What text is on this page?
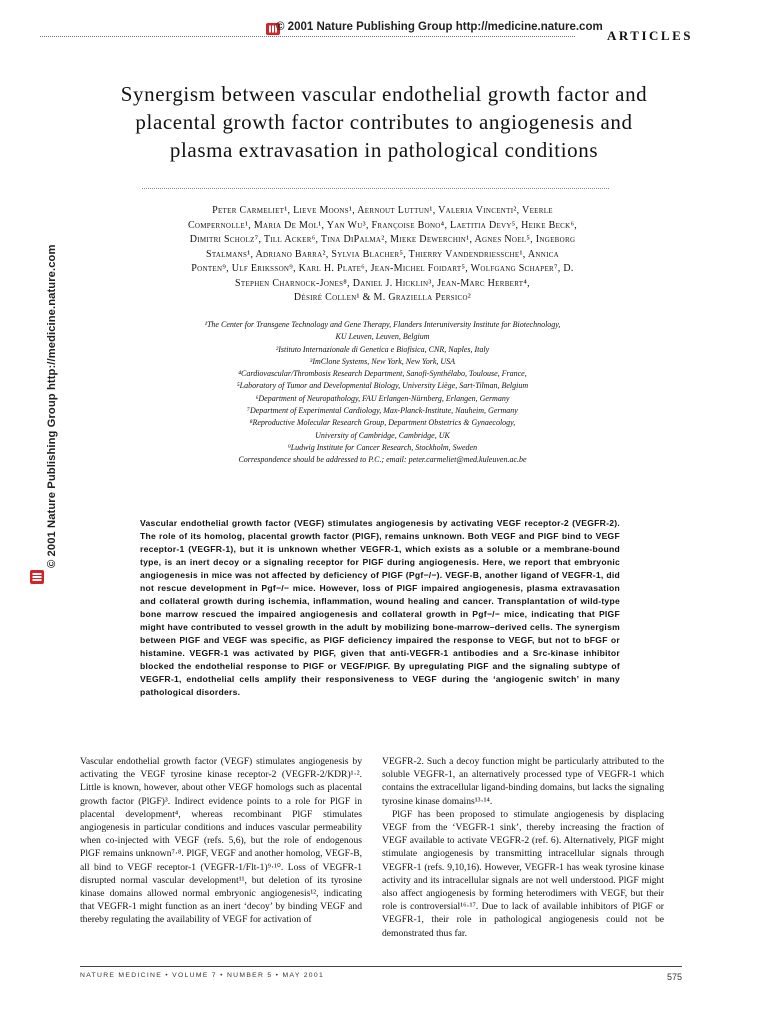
© 2001 Nature Publishing Group http://medicine.nature.com
ARTICLES
© 2001 Nature Publishing Group http://medicine.nature.com
Synergism between vascular endothelial growth factor and
placental growth factor contributes to angiogenesis and
plasma extravasation in pathological conditions
Peter Carmeliet¹, Lieve Moons¹, Aernout Luttun¹, Valeria Vincenti², Veerle
Compernolle¹, Maria De Mol¹, Yan Wu³, Françoise Bono⁴, Laetitia Devy⁵, Heike Beck⁶,
Dimitri Scholz⁷, Till Acker⁶, Tina DiPalma², Mieke Dewerchin¹, Agnes Noel⁵, Ingeborg
Stalmans¹, Adriano Barra², Sylvia Blacher⁵, Thierry Vandendriessche¹, Annica
Ponten⁹, Ulf Eriksson⁹, Karl H. Plate⁶, Jean-Michel Foidart⁵, Wolfgang Schaper⁷, D.
Stephen Charnock-Jones⁸, Daniel J. Hicklin³, Jean-Marc Herbert⁴,
Désiré Collen¹ & M. Graziella Persico²
¹The Center for Transgene Technology and Gene Therapy, Flanders Interuniversity Institute for Biotechnology,
KU Leuven, Leuven, Belgium
²Istituto Internazionale di Genetica e Biofisica, CNR, Naples, Italy
³ImClone Systems, New York, New York, USA
⁴Cardiovascular/Thrombosis Research Department, Sanofi-Synthélabo, Toulouse, France,
⁵Laboratory of Tumor and Developmental Biology, University Liège, Sart-Tilman, Belgium
⁶Department of Neuropathology, FAU Erlangen-Nürnberg, Erlangen, Germany
⁷Department of Experimental Cardiology, Max-Planck-Institute, Nauheim, Germany
⁸Reproductive Molecular Research Group, Department Obstetrics & Gynaecology,
University of Cambridge, Cambridge, UK
⁹Ludwig Institute for Cancer Research, Stockholm, Sweden
Correspondence should be addressed to P.C.; email: peter.carmeliet@med.kuleuven.ac.be
Vascular endothelial growth factor (VEGF) stimulates angiogenesis by activating VEGF receptor-2 (VEGFR-2). The role of its homolog, placental growth factor (PlGF), remains unknown. Both VEGF and PlGF bind to VEGF receptor-1 (VEGFR-1), but it is unknown whether VEGFR-1, which exists as a soluble or a membrane-bound type, is an inert decoy or a signaling receptor for PlGF during angiogenesis. Here, we report that embryonic angiogenesis in mice was not affected by deficiency of PlGF (Pgf−/−). VEGF-B, another ligand of VEGFR-1, did not rescue development in Pgf−/− mice. However, loss of PlGF impaired angiogenesis, plasma extravasation and collateral growth during ischemia, inflammation, wound healing and cancer. Transplantation of wild-type bone marrow rescued the impaired angiogenesis and collateral growth in Pgf−/− mice, indicating that PlGF might have contributed to vessel growth in the adult by mobilizing bone-marrow–derived cells. The synergism between PlGF and VEGF was specific, as PlGF deficiency impaired the response to VEGF, but not to bFGF or histamine. VEGFR-1 was activated by PlGF, given that anti-VEGFR-1 antibodies and a Src-kinase inhibitor blocked the endothelial response to PlGF or VEGF/PlGF. By upregulating PlGF and the signaling subtype of VEGFR-1, endothelial cells amplify their responsiveness to VEGF during the ‘angiogenic switch’ in many pathological disorders.

Vascular endothelial growth factor (VEGF) stimulates angiogenesis by activating the VEGF tyrosine kinase receptor-2 (VEGFR-2/KDR)¹·². Little is known, however, about other VEGF homologs such as placental growth factor (PlGF)³. Indirect evidence points to a role for PlGF in placental development⁴, whereas recombinant PlGF stimulates angiogenesis in particular conditions and induces vascular permeability when co-injected with VEGF (refs. 5,6), but the role of endogenous PlGF remains unknown⁷·⁸. PlGF, VEGF and another homolog, VEGF-B, all bind to VEGF receptor-1 (VEGFR-1/Flt-1)⁹·¹⁰. Loss of VEGFR-1 disrupted normal vascular development¹¹, but deletion of its tyrosine kinase domains allowed normal embryonic angiogenesis¹², indicating that VEGFR-1 might function as an inert ‘decoy’ by binding VEGF and thereby regulating the availability of VEGF for activation of

VEGFR-2. Such a decoy function might be particularly attributed to the soluble VEGFR-1, an alternatively processed type of VEGFR-1 which contains the extracellular ligand-binding domains, but lacks the signaling tyrosine kinase domains¹³·¹⁴.

PlGF has been proposed to stimulate angiogenesis by displacing VEGF from the ‘VEGFR-1 sink’, thereby increasing the fraction of VEGF available to activate VEGFR-2 (ref. 6). Alternatively, PlGF might stimulate angiogenesis by transmitting intracellular signals through VEGFR-1 (refs. 9,10,16). However, VEGFR-1 has weak tyrosine kinase activity and its intracellular signals are not well understood. PlGF might also affect angiogenesis by forming heterodimers with VEGF, but their role is controversial¹⁶·¹⁷. Due to lack of available inhibitors of PlGF or VEGFR-1, their role in pathological angiogenesis could not be demonstrated thus far.

NATURE MEDICINE • VOLUME 7 • NUMBER 5 • MAY 2001	575
